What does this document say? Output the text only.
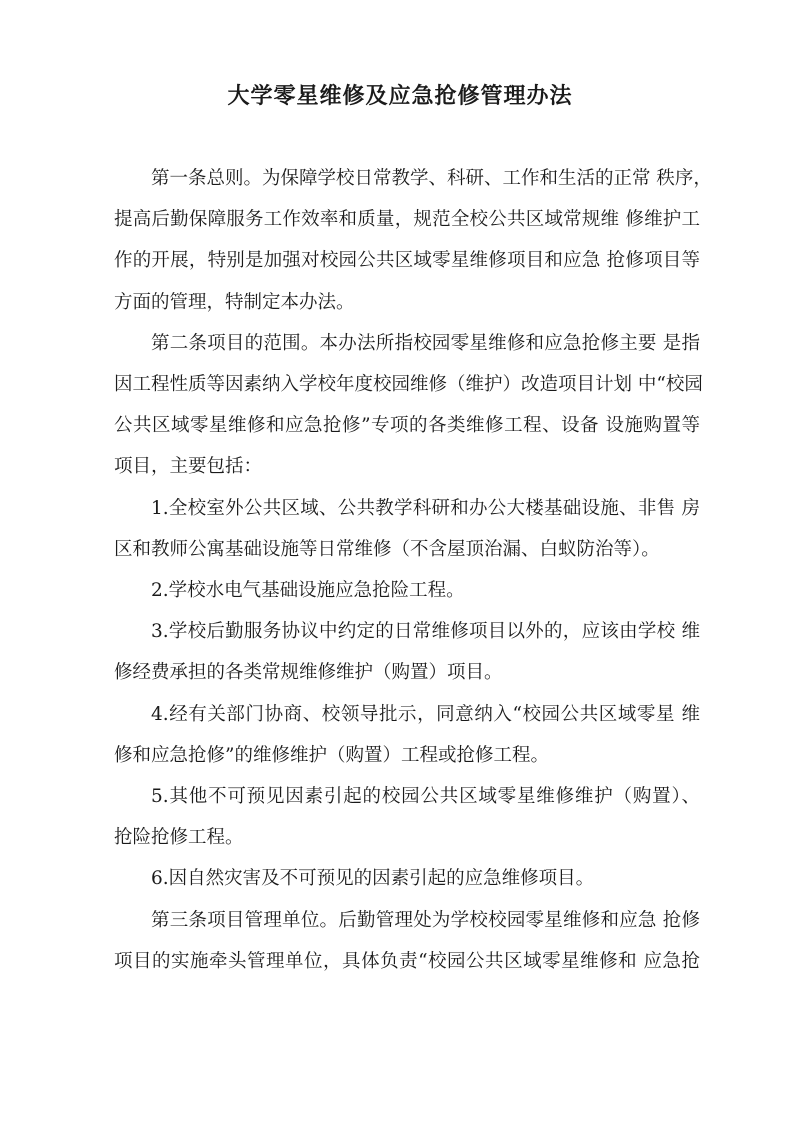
大学零星维修及应急抢修管理办法

第一条总则。为保障学校日常教学、科研、工作和生活的正常 秩序，
提高后勤保障服务工作效率和质量，规范全校公共区域常规维 修维护工
作的开展，特别是加强对校园公共区域零星维修项目和应急 抢修项目等
方面的管理，特制定本办法。

第二条项目的范围。本办法所指校园零星维修和应急抢修主要 是指
因工程性质等因素纳入学校年度校园维修（维护）改造项目计划 中“校园
公共区域零星维修和应急抢修”专项的各类维修工程、设备 设施购置等
项目，主要包括：

1.全校室外公共区域、公共教学科研和办公大楼基础设施、非售 房
区和教师公寓基础设施等日常维修（不含屋顶治漏、白蚁防治等）。

2.学校水电气基础设施应急抢险工程。

3.学校后勤服务协议中约定的日常维修项目以外的，应该由学校 维
修经费承担的各类常规维修维护（购置）项目。

4.经有关部门协商、校领导批示，同意纳入“校园公共区域零星 维
修和应急抢修”的维修维护（购置）工程或抢修工程。

5.其他不可预见因素引起的校园公共区域零星维修维护（购置）、
抢险抢修工程。

6.因自然灾害及不可预见的因素引起的应急维修项目。

第三条项目管理单位。后勤管理处为学校校园零星维修和应急 抢修
项目的实施牵头管理单位，具体负责“校园公共区域零星维修和 应急抢
